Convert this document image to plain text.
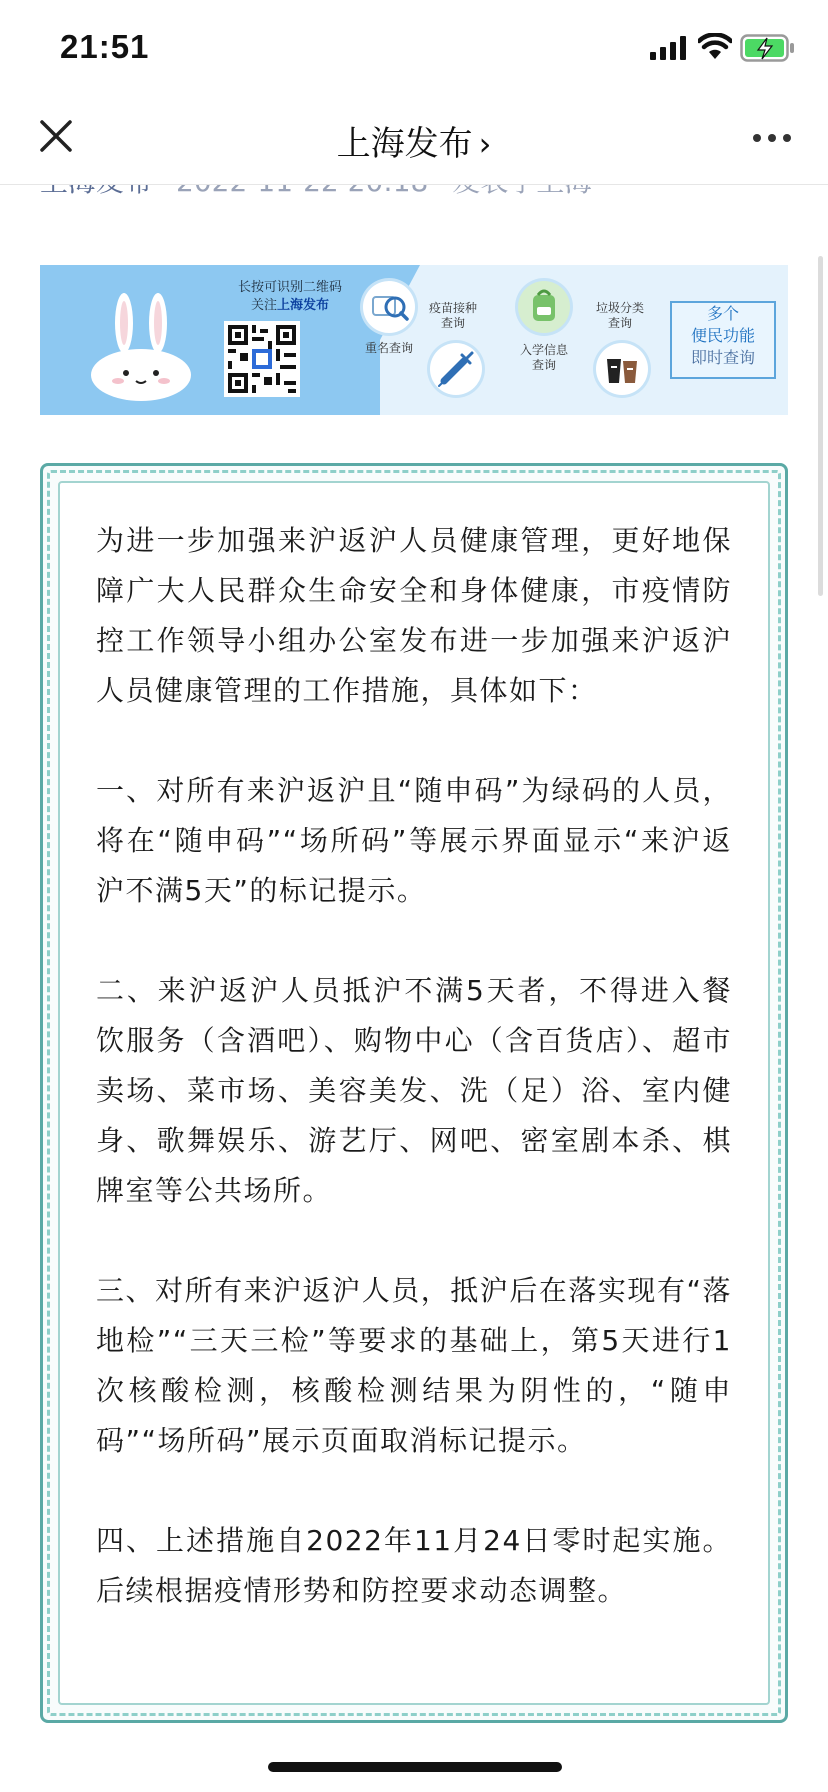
21:51
上海发布 ›
长按可识别二维码
关注上海发布
重名查询
疫苗接种
查询
入学信息
查询
垃圾分类
查询	多个
便民功能
即时查询

为进一步加强来沪返沪人员健康管理，更好地保障广大人民群众生命安全和身体健康，市疫情防控工作领导小组办公室发布进一步加强来沪返沪人员健康管理的工作措施，具体如下：

一、对所有来沪返沪且“随申码”为绿码的人员，将在“随申码”“场所码”等展示界面显示“来沪返沪不满5天”的标记提示。

二、来沪返沪人员抵沪不满5天者，不得进入餐饮服务（含酒吧）、购物中心（含百货店）、超市卖场、菜市场、美容美发、洗（足）浴、室内健身、歌舞娱乐、游艺厅、网吧、密室剧本杀、棋牌室等公共场所。

三、对所有来沪返沪人员，抵沪后在落实现有“落地检”“三天三检”等要求的基础上，第5天进行1次核酸检测，核酸检测结果为阴性的，“随申码”“场所码”展示页面取消标记提示。

四、上述措施自2022年11月24日零时起实施。后续根据疫情形势和防控要求动态调整。
